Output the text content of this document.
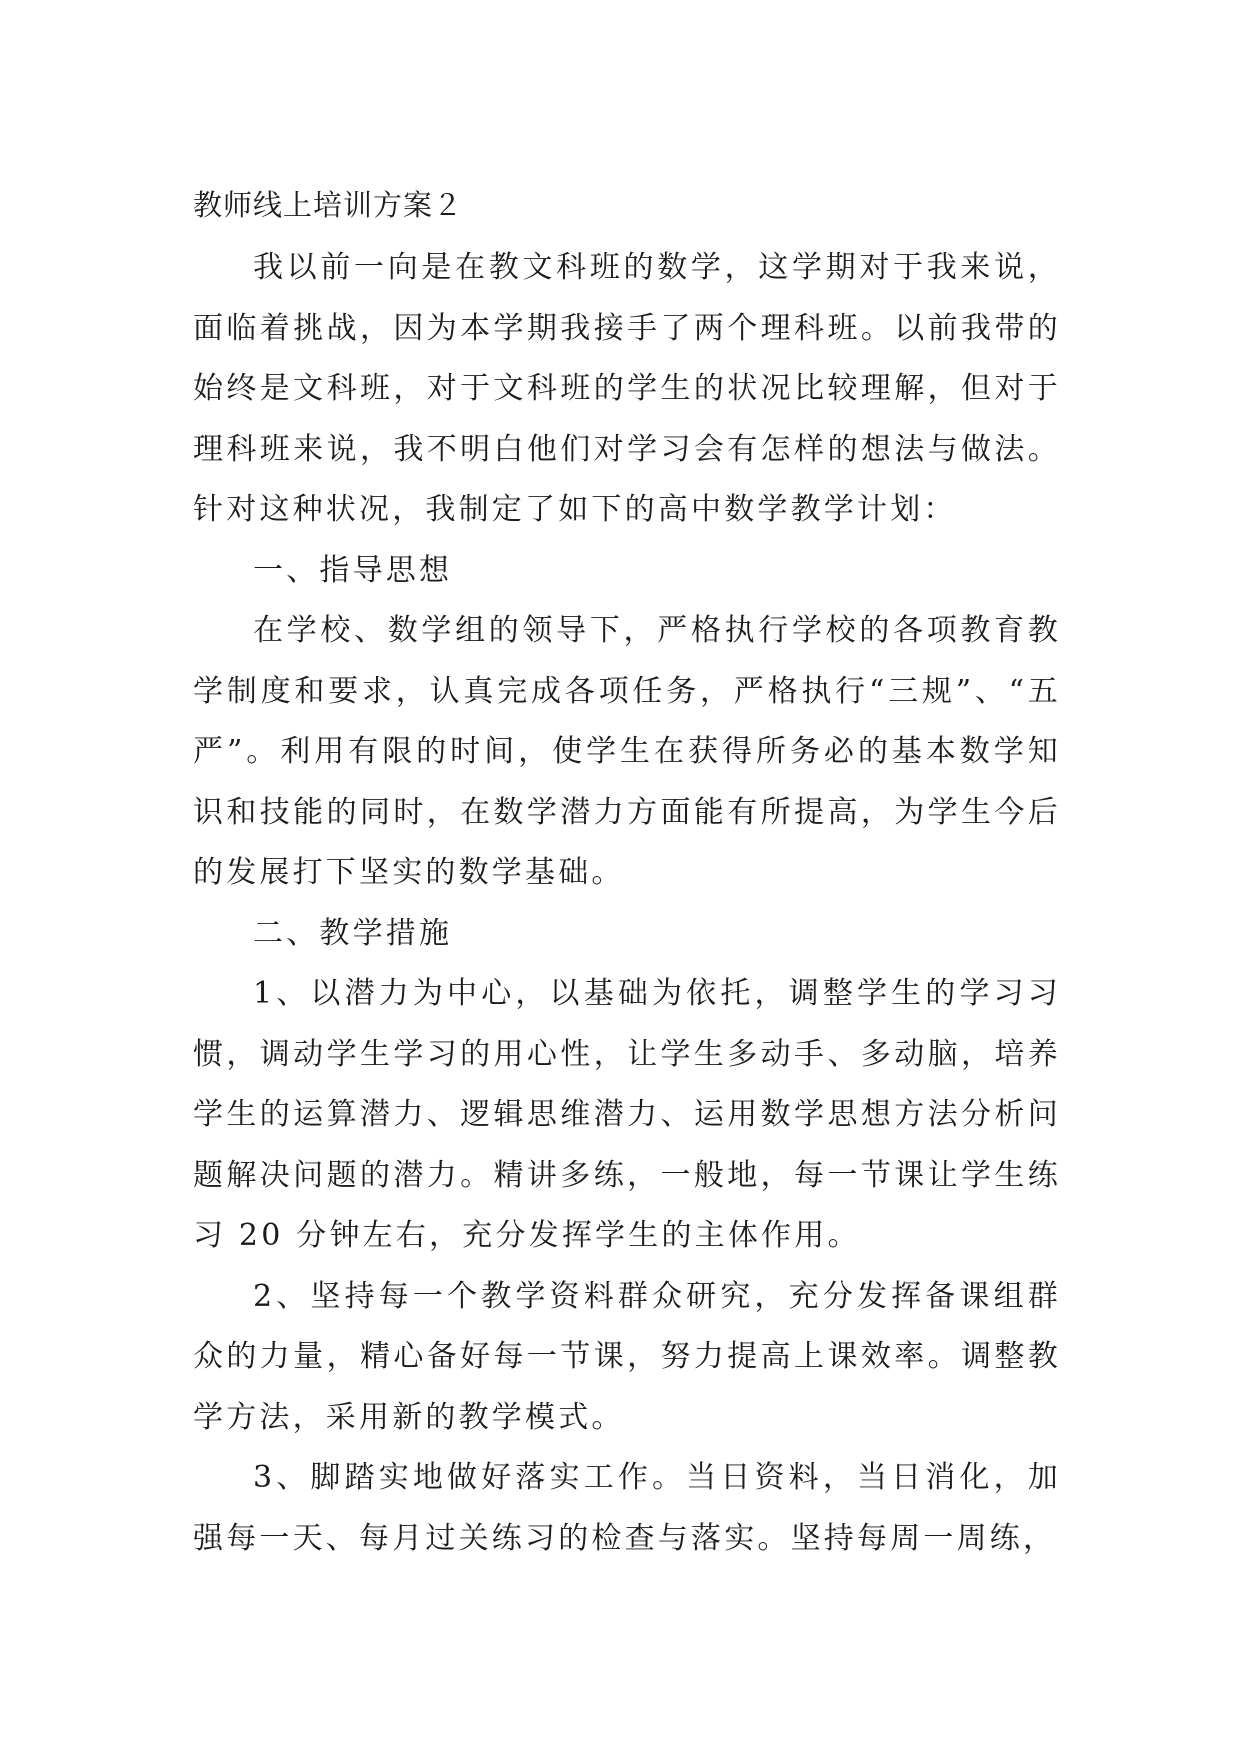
教师线上培训方案２

我以前一向是在教文科班的数学，这学期对于我来说，面临着挑战，因为本学期我接手了两个理科班。以前我带的始终是文科班，对于文科班的学生的状况比较理解，但对于理科班来说，我不明白他们对学习会有怎样的想法与做法。针对这种状况，我制定了如下的高中数学教学计划：

一、指导思想

在学校、数学组的领导下，严格执行学校的各项教育教学制度和要求，认真完成各项任务，严格执行“三规”、“五严”。利用有限的时间，使学生在获得所务必的基本数学知识和技能的同时，在数学潜力方面能有所提高，为学生今后的发展打下坚实的数学基础。

二、教学措施

1、以潜力为中心，以基础为依托，调整学生的学习习惯，调动学生学习的用心性，让学生多动手、多动脑，培养学生的运算潜力、逻辑思维潜力、运用数学思想方法分析问题解决问题的潜力。精讲多练，一般地，每一节课让学生练习 20 分钟左右，充分发挥学生的主体作用。

2、坚持每一个教学资料群众研究，充分发挥备课组群众的力量，精心备好每一节课，努力提高上课效率。调整教学方法，采用新的教学模式。

3、脚踏实地做好落实工作。当日资料，当日消化，加强每一天、每月过关练习的检查与落实。坚持每周一周练，
